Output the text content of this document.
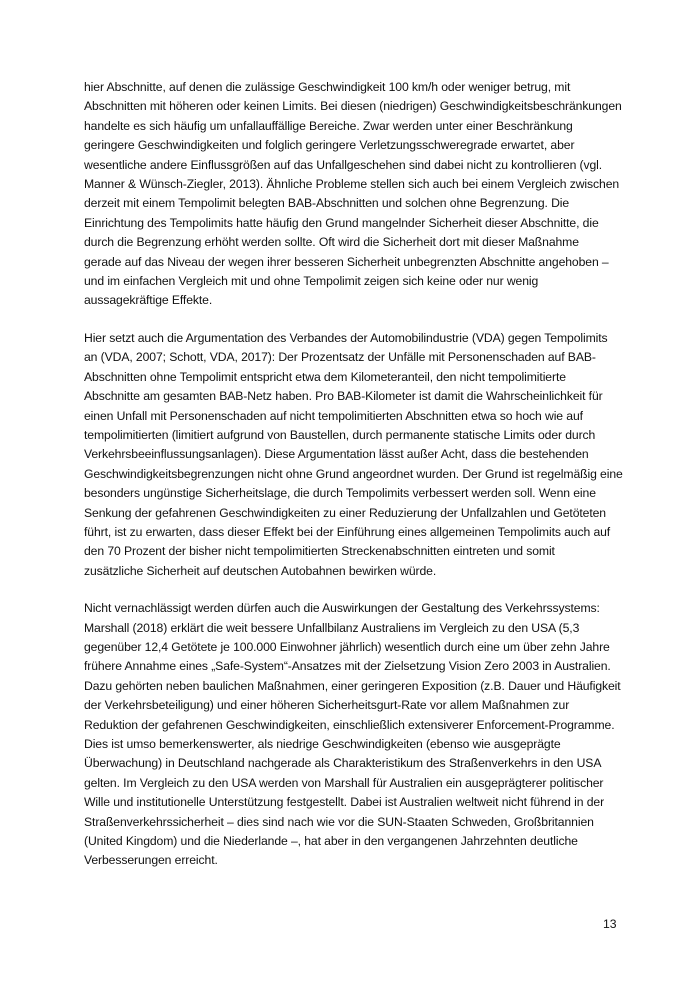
hier Abschnitte, auf denen die zulässige Geschwindigkeit 100 km/h oder weniger betrug, mit
Abschnitten mit höheren oder keinen Limits. Bei diesen (niedrigen) Geschwindigkeitsbeschränkungen
handelte es sich häufig um unfallauffällige Bereiche. Zwar werden unter einer Beschränkung
geringere Geschwindigkeiten und folglich geringere Verletzungsschweregrade erwartet, aber
wesentliche andere Einflussgrößen auf das Unfallgeschehen sind dabei nicht zu kontrollieren (vgl.
Manner & Wünsch-Ziegler, 2013). Ähnliche Probleme stellen sich auch bei einem Vergleich zwischen
derzeit mit einem Tempolimit belegten BAB-Abschnitten und solchen ohne Begrenzung. Die
Einrichtung des Tempolimits hatte häufig den Grund mangelnder Sicherheit dieser Abschnitte, die
durch die Begrenzung erhöht werden sollte. Oft wird die Sicherheit dort mit dieser Maßnahme
gerade auf das Niveau der wegen ihrer besseren Sicherheit unbegrenzten Abschnitte angehoben –
und im einfachen Vergleich mit und ohne Tempolimit zeigen sich keine oder nur wenig
aussagekräftige Effekte.

Hier setzt auch die Argumentation des Verbandes der Automobilindustrie (VDA) gegen Tempolimits
an (VDA, 2007; Schott, VDA, 2017): Der Prozentsatz der Unfälle mit Personenschaden auf BAB-
Abschnitten ohne Tempolimit entspricht etwa dem Kilometeranteil, den nicht tempolimitierte
Abschnitte am gesamten BAB-Netz haben. Pro BAB-Kilometer ist damit die Wahrscheinlichkeit für
einen Unfall mit Personenschaden auf nicht tempolimitierten Abschnitten etwa so hoch wie auf
tempolimitierten (limitiert aufgrund von Baustellen, durch permanente statische Limits oder durch
Verkehrsbeeinflussungsanlagen). Diese Argumentation lässt außer Acht, dass die bestehenden
Geschwindigkeitsbegrenzungen nicht ohne Grund angeordnet wurden. Der Grund ist regelmäßig eine
besonders ungünstige Sicherheitslage, die durch Tempolimits verbessert werden soll. Wenn eine
Senkung der gefahrenen Geschwindigkeiten zu einer Reduzierung der Unfallzahlen und Getöteten
führt, ist zu erwarten, dass dieser Effekt bei der Einführung eines allgemeinen Tempolimits auch auf
den 70 Prozent der bisher nicht tempolimitierten Streckenabschnitten eintreten und somit
zusätzliche Sicherheit auf deutschen Autobahnen bewirken würde.

Nicht vernachlässigt werden dürfen auch die Auswirkungen der Gestaltung des Verkehrssystems:
Marshall (2018) erklärt die weit bessere Unfallbilanz Australiens im Vergleich zu den USA (5,3
gegenüber 12,4 Getötete je 100.000 Einwohner jährlich) wesentlich durch eine um über zehn Jahre
frühere Annahme eines „Safe-System“-Ansatzes mit der Zielsetzung Vision Zero 2003 in Australien.
Dazu gehörten neben baulichen Maßnahmen, einer geringeren Exposition (z.B. Dauer und Häufigkeit
der Verkehrsbeteiligung) und einer höheren Sicherheitsgurt-Rate vor allem Maßnahmen zur
Reduktion der gefahrenen Geschwindigkeiten, einschließlich extensiverer Enforcement-Programme.
Dies ist umso bemerkenswerter, als niedrige Geschwindigkeiten (ebenso wie ausgeprägte
Überwachung) in Deutschland nachgerade als Charakteristikum des Straßenverkehrs in den USA
gelten. Im Vergleich zu den USA werden von Marshall für Australien ein ausgeprägterer politischer
Wille und institutionelle Unterstützung festgestellt. Dabei ist Australien weltweit nicht führend in der
Straßenverkehrssicherheit – dies sind nach wie vor die SUN-Staaten Schweden, Großbritannien
(United Kingdom) und die Niederlande –, hat aber in den vergangenen Jahrzehnten deutliche
Verbesserungen erreicht.

13
